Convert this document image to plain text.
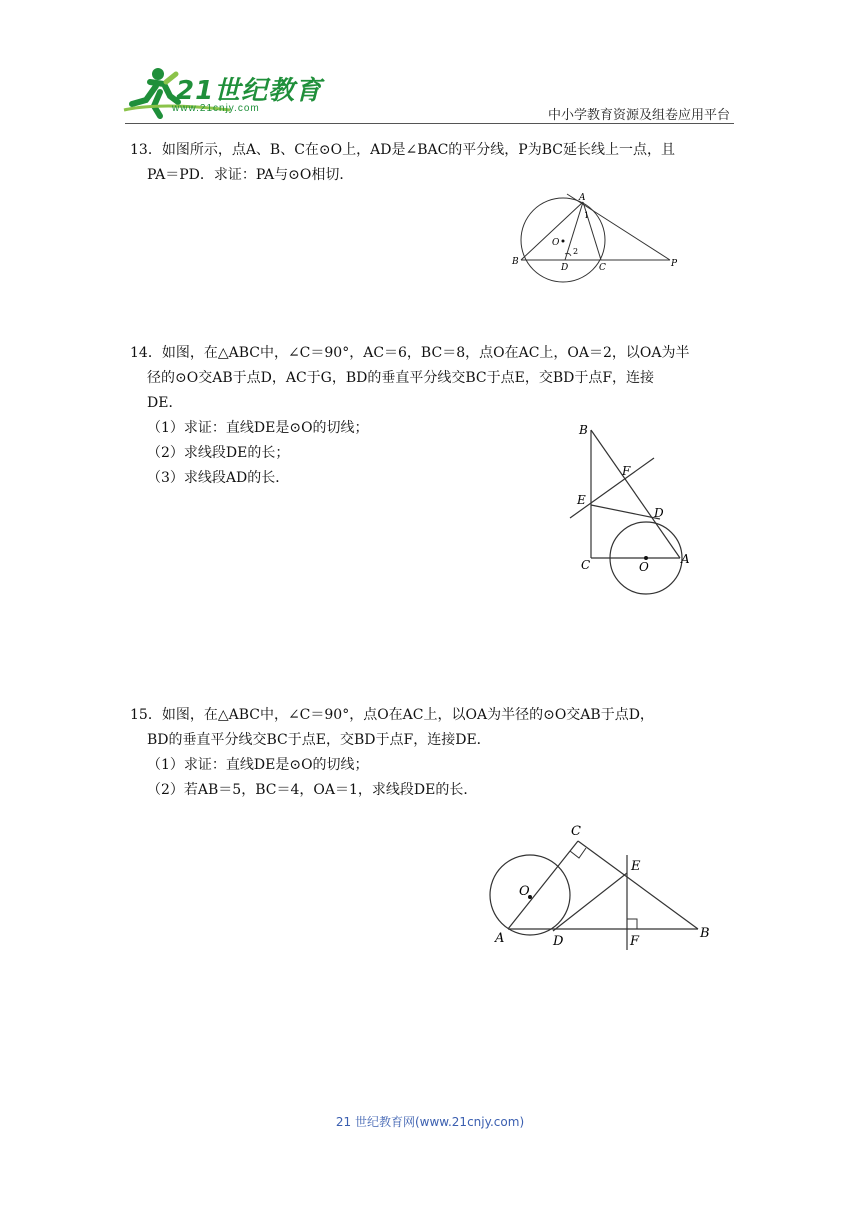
21世纪教育
www.21cnjy.com	中小学教育资源及组卷应用平台

13．如图所示，点A、B、C在⊙O上，AD是∠BAC的平分线，P为BC延长线上一点，且

PA＝PD．求证：PA与⊙O相切．

A
B
C
D	P
O
1
2

14．如图，在△ABC中，∠C＝90°，AC＝6，BC＝8，点O在AC上，OA＝2，以OA为半

径的⊙O交AB于点D，AC于G，BD的垂直平分线交BC于点E，交BD于点F，连接

DE．

（1）求证：直线DE是⊙O的切线；

（2）求线段DE的长；

（3）求线段AD的长．

B
C	A
O
E
D
F

15．如图，在△ABC中，∠C＝90°，点O在AC上，以OA为半径的⊙O交AB于点D，

BD的垂直平分线交BC于点E，交BD于点F，连接DE．

（1）求证：直线DE是⊙O的切线；

（2）若AB＝5，BC＝4，OA＝1，求线段DE的长．

C
E
O
A	D	F
B
21 世纪教育网(www.21cnjy.com)
